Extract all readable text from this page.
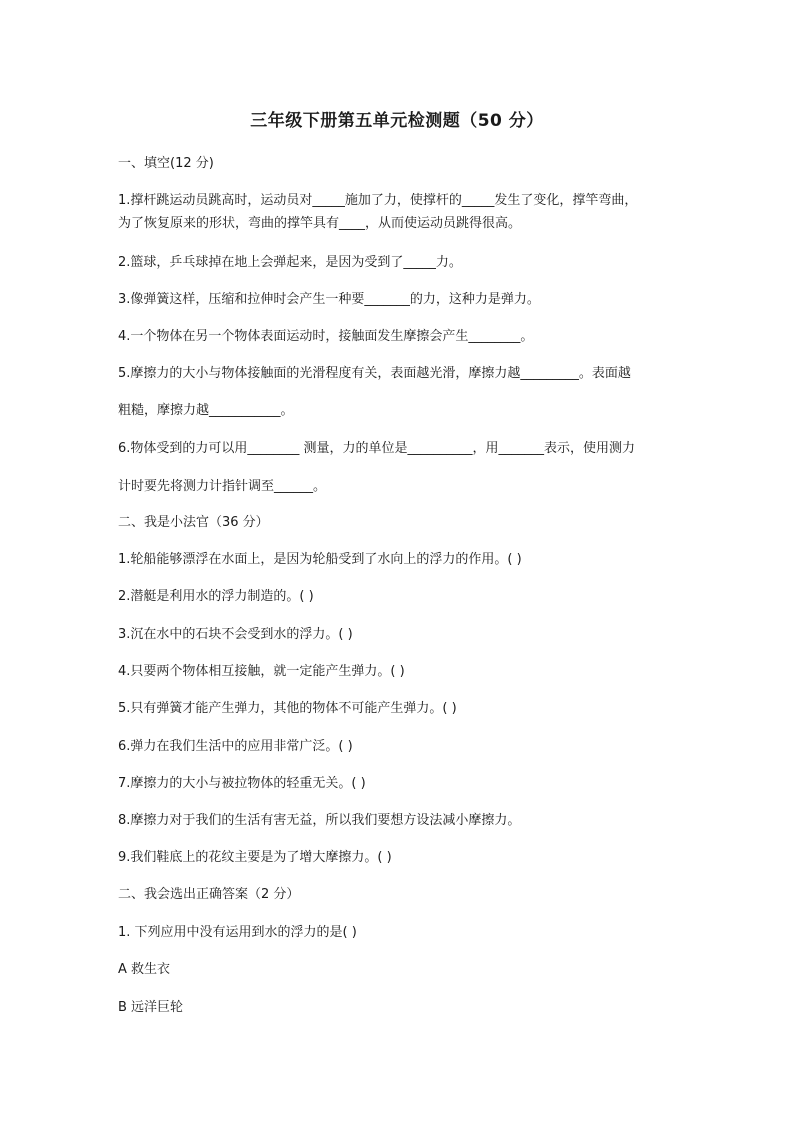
三年级下册第五单元检测题（50 分）
一、填空(12 分)
1.撑杆跳运动员跳高时，运动员对_____施加了力，使撑杆的_____发生了变化，撑竿弯曲，
为了恢复原来的形状，弯曲的撑竿具有____，从而使运动员跳得很高。
2.篮球，乒乓球掉在地上会弹起来，是因为受到了_____力。
3.像弹簧这样，压缩和拉伸时会产生一种要_______的力，这种力是弹力。
4.一个物体在另一个物体表面运动时，接触面发生摩擦会产生________。
5.摩擦力的大小与物体接触面的光滑程度有关，表面越光滑，摩擦力越_________。表面越
粗糙，摩擦力越___________。
6.物体受到的力可以用________ 测量，力的单位是__________，用_______表示，使用测力
计时要先将测力计指针调至______。
二、我是小法官（36 分）
1.轮船能够漂浮在水面上，是因为轮船受到了水向上的浮力的作用。( )
2.潜艇是利用水的浮力制造的。( )
3.沉在水中的石块不会受到水的浮力。( )
4.只要两个物体相互接触，就一定能产生弹力。( )
5.只有弹簧才能产生弹力，其他的物体不可能产生弹力。( )
6.弹力在我们生活中的应用非常广泛。( )
7.摩擦力的大小与被拉物体的轻重无关。( )
8.摩擦力对于我们的生活有害无益，所以我们要想方设法减小摩擦力。
9.我们鞋底上的花纹主要是为了增大摩擦力。( )
二、我会选出正确答案（2 分）
1. 下列应用中没有运用到水的浮力的是( )
A 救生衣
B 远洋巨轮
